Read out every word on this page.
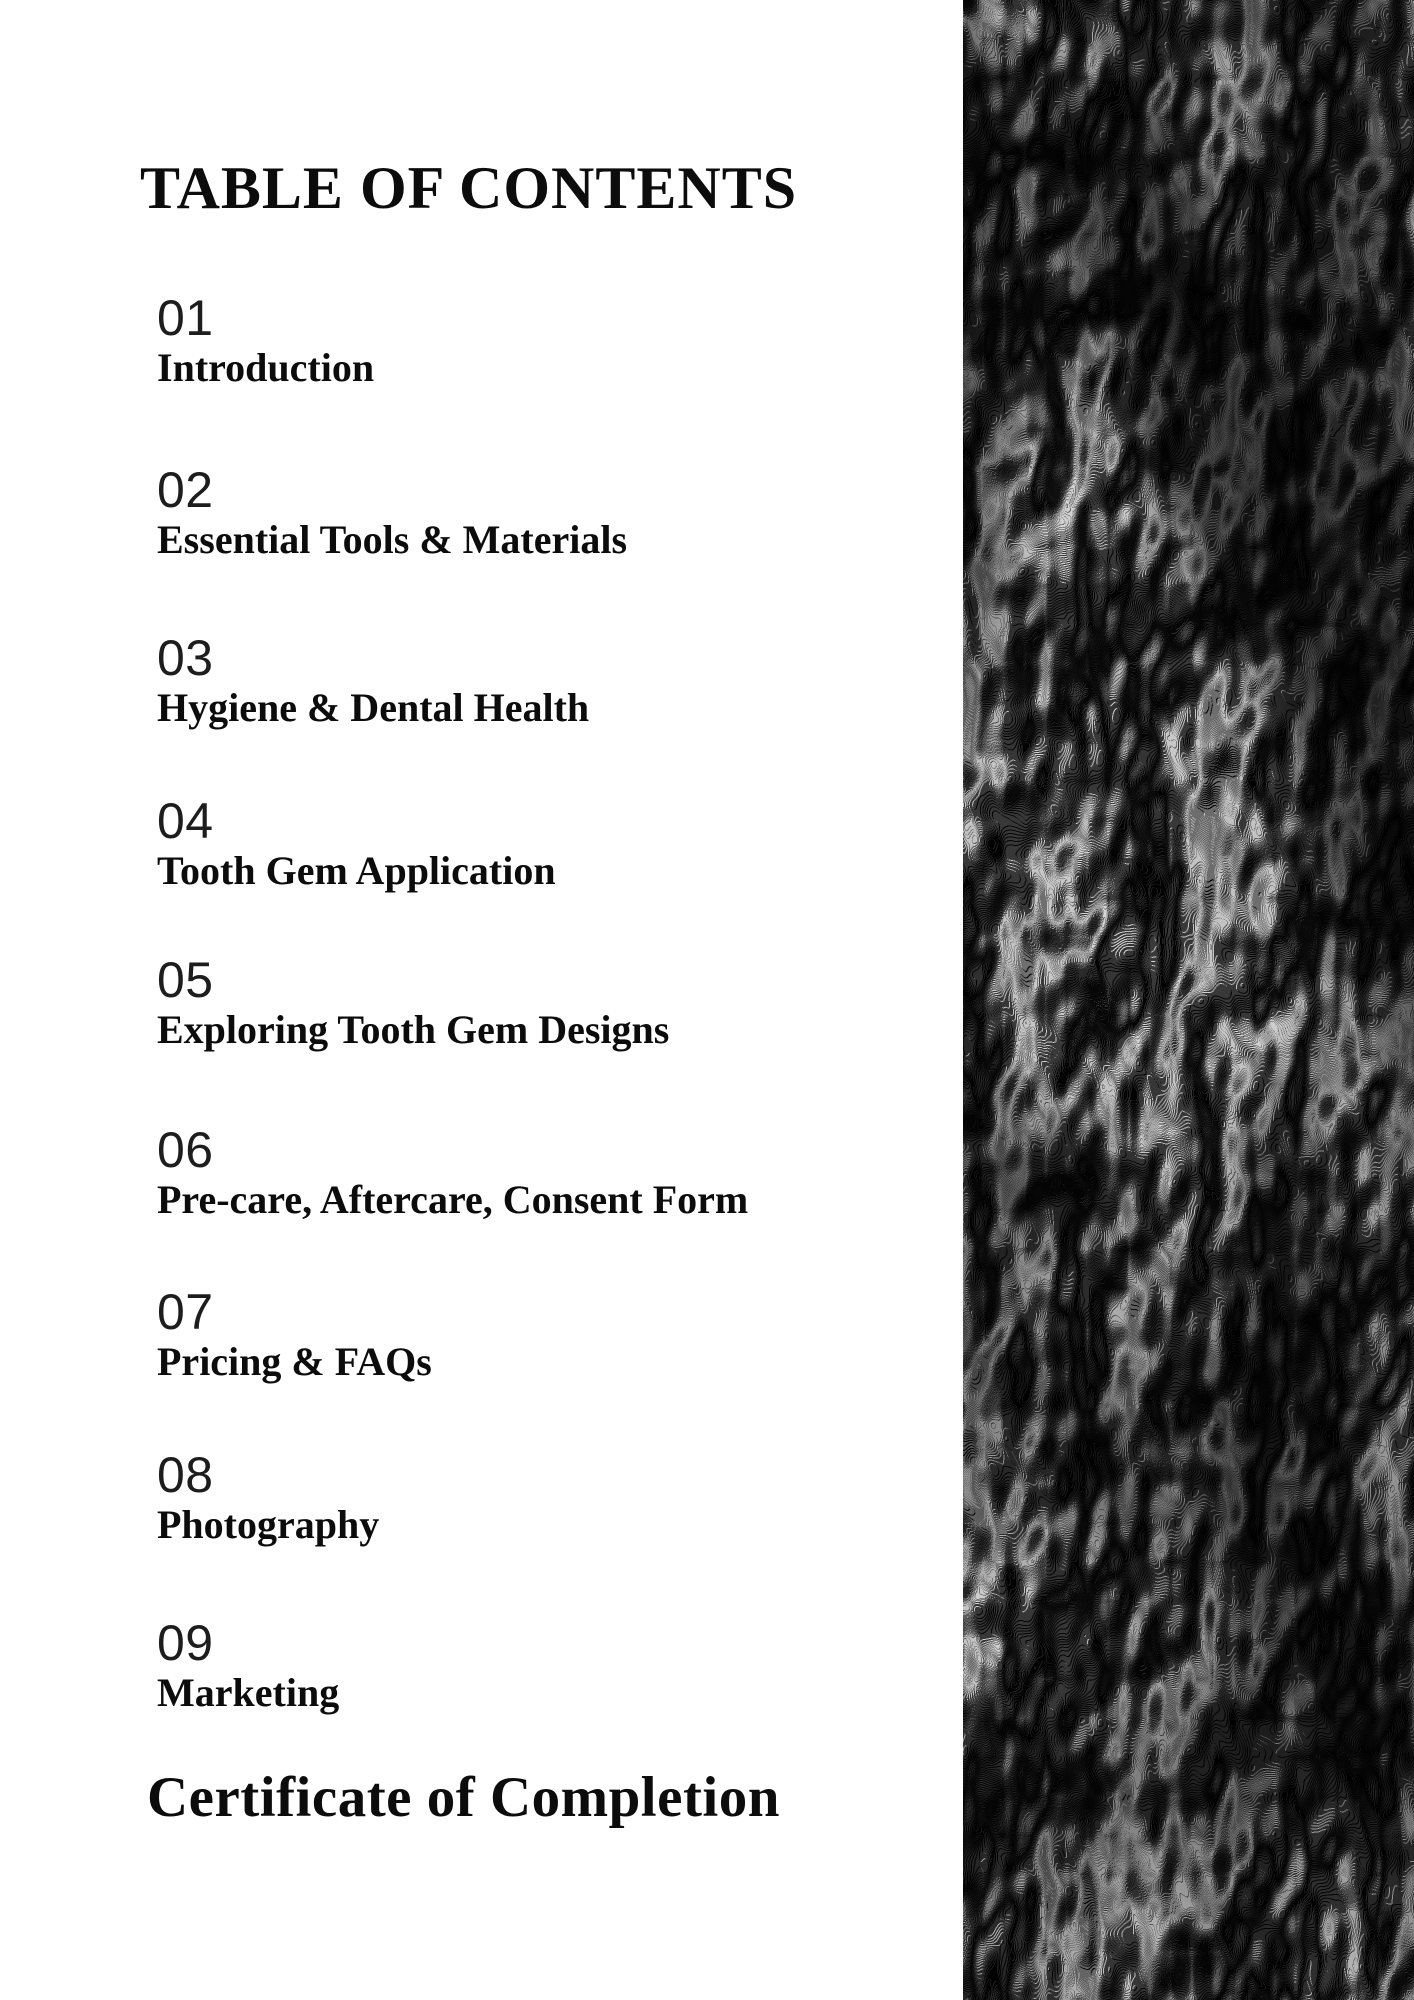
TABLE OF CONTENTS
01
Introduction
02
Essential Tools & Materials
03
Hygiene & Dental Health
04
Tooth Gem Application
05
Exploring Tooth Gem Designs
06
Pre-care, Aftercare, Consent Form
07
Pricing & FAQs
08
Photography
09
Marketing
Certificate of Completion
